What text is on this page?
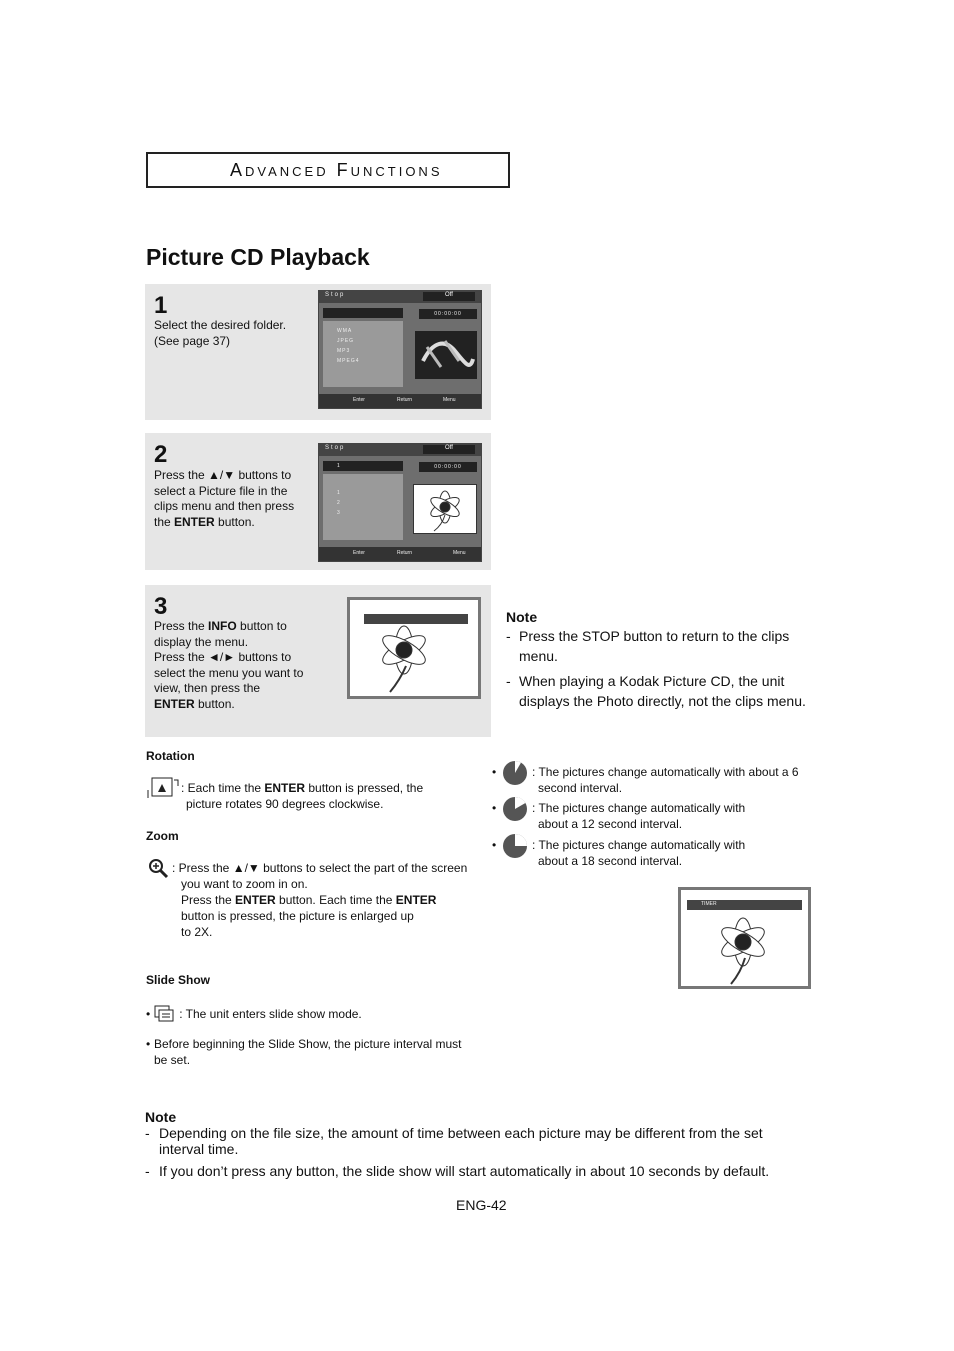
Advanced Functions
Picture CD Playback
1
Select the desired folder.
(See page 37)
Stop	Off
00:00:00
WMA
JPEG
MP3
MPEG4
Enter	Return	Menu
2
Press the ▲/▼ buttons to select a Picture file in the clips menu and then press the ENTER button.
Stop	Off
1	00:00:00
1
2
3
Enter	Return	Menu
3
Press the INFO button to display the menu.
Press the ◄/► buttons to select the menu you want to view, then press the ENTER button.
Note
- Press the STOP button to return to the clips menu.
- When playing a Kodak Picture CD, the unit displays the Photo directly, not the clips menu.
Rotation
: Each time the ENTER button is pressed, the
picture rotates 90 degrees clockwise.
Zoom
: Press the ▲/▼ buttons to select the part of the screen

you want to zoom in on.
Press the ENTER button. Each time the ENTER
button is pressed, the picture is enlarged up
to 2X.
Slide Show
• : The unit enters slide show mode.
• Before beginning the Slide Show, the picture interval must be set.
•	: The pictures change automatically with about a 6
second interval.
•	: The pictures change automatically with
about a 12 second interval.
•	: The pictures change automatically with
about a 18 second interval.
TIMER
Note
- Depending on the file size, the amount of time between each picture may be different from the set interval time.
- If you don’t press any button, the slide show will start automatically in about 10 seconds by default.
ENG-42
